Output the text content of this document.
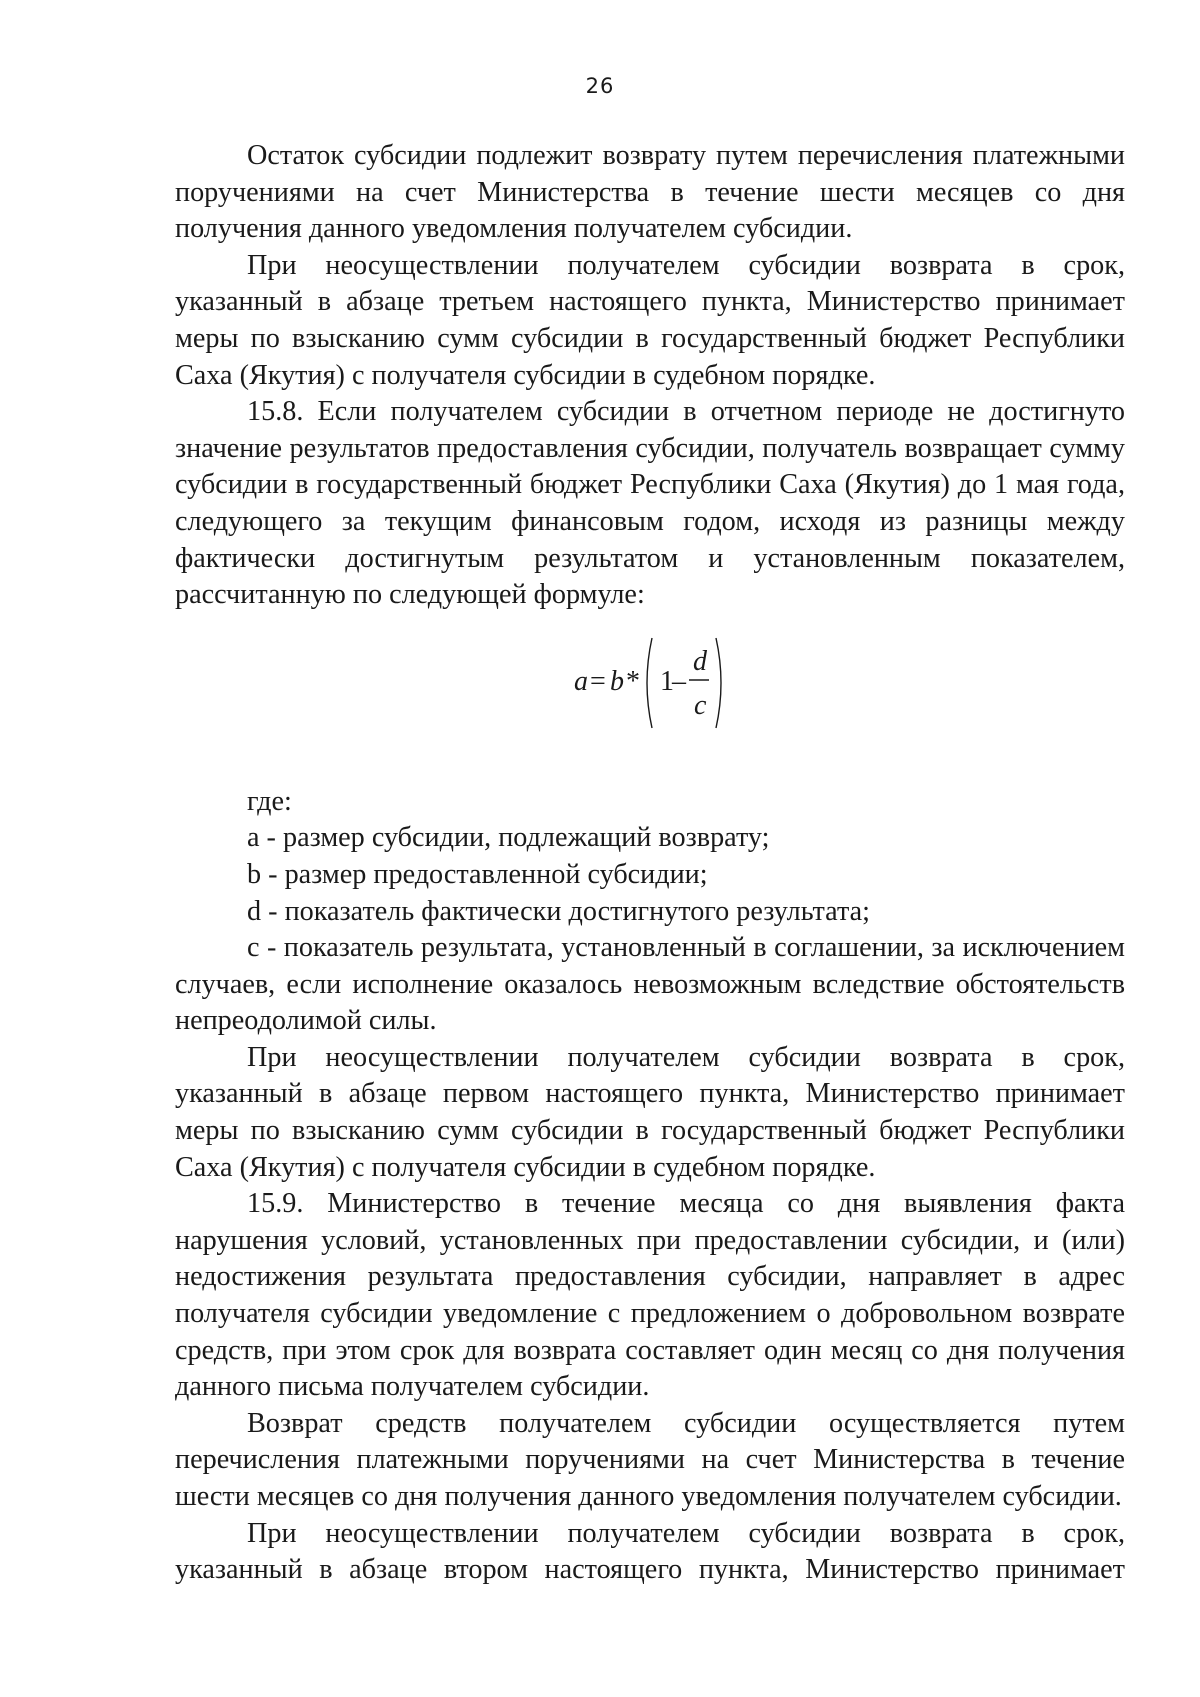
26

Остаток субсидии подлежит возврату путем перечисления платежными поручениями на счет Министерства в течение шести месяцев со дня получения данного уведомления получателем субсидии.

При неосуществлении получателем субсидии возврата в срок, указанный в абзаце третьем настоящего пункта, Министерство принимает меры по взысканию сумм субсидии в государственный бюджет Республики Саха (Якутия) с получателя субсидии в судебном порядке.

15.8. Если получателем субсидии в отчетном периоде не достигнуто значение результатов предоставления субсидии, получатель возвращает сумму субсидии в государственный бюджет Республики Саха (Якутия) до 1 мая года, следующего за текущим финансовым годом, исходя из разницы между фактически достигнутым результатом и установленным показателем, рассчитанную по следующей формуле:

a = b * 1
–
d
c

где:

а - размер субсидии, подлежащий возврату;

b - размер предоставленной субсидии;

d - показатель фактически достигнутого результата;

с - показатель результата, установленный в соглашении, за исключением случаев, если исполнение оказалось невозможным вследствие обстоятельств непреодолимой силы.

При неосуществлении получателем субсидии возврата в срок, указанный в абзаце первом настоящего пункта, Министерство принимает меры по взысканию сумм субсидии в государственный бюджет Республики Саха (Якутия) с получателя субсидии в судебном порядке.

15.9. Министерство в течение месяца со дня выявления факта нарушения условий, установленных при предоставлении субсидии, и (или) недостижения результата предоставления субсидии, направляет в адрес получателя субсидии уведомление с предложением о добровольном возврате средств, при этом срок для возврата составляет один месяц со дня получения данного письма получателем субсидии.

Возврат средств получателем субсидии осуществляется путем перечисления платежными поручениями на счет Министерства в течение шести месяцев со дня получения данного уведомления получателем субсидии.

При неосуществлении получателем субсидии возврата в срок, указанный в абзаце втором настоящего пункта, Министерство принимает
